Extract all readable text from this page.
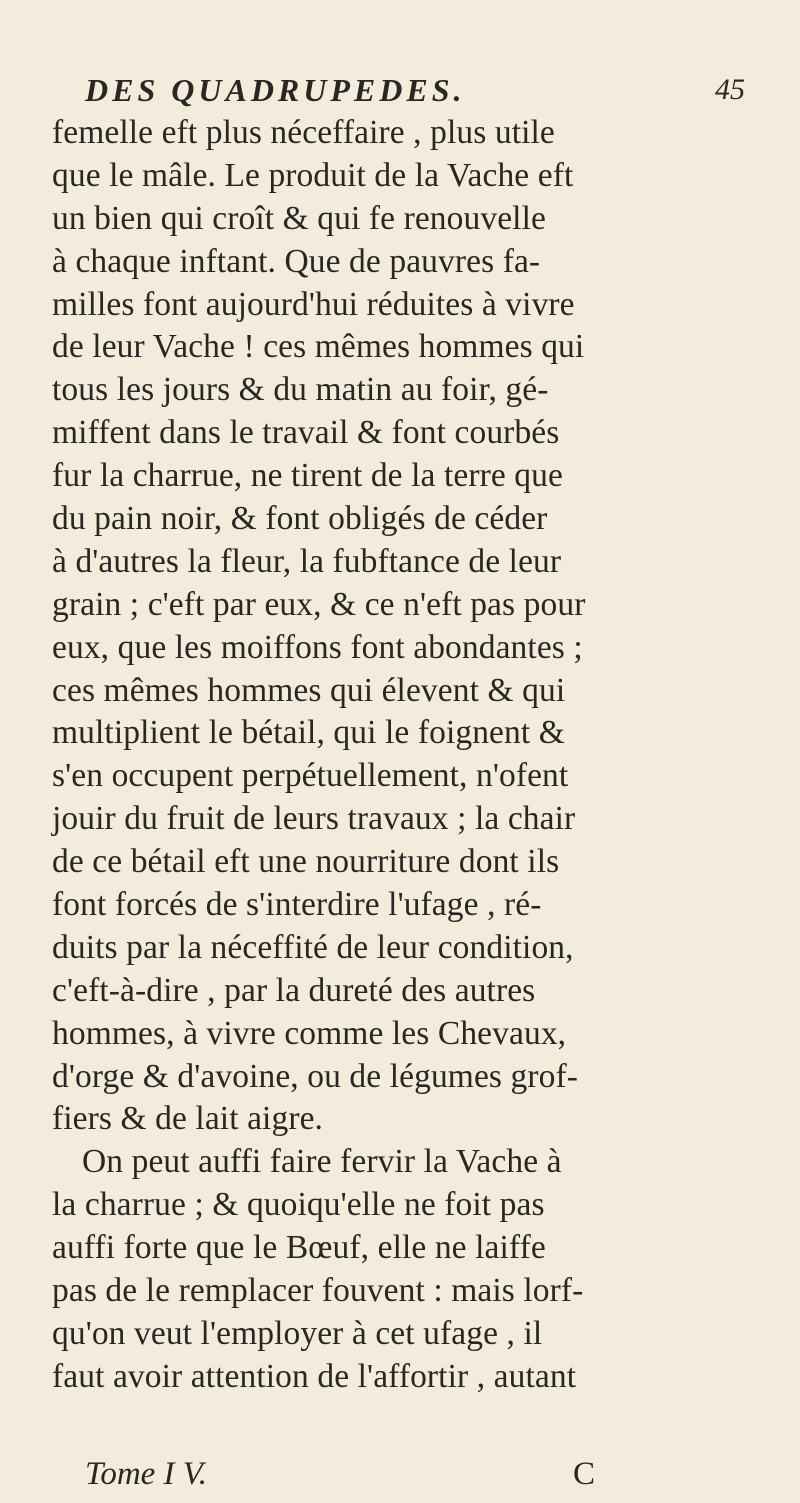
DES QUADRUPEDES.	45
femelle eft plus néceffaire , plus utile
que le mâle. Le produit de la Vache eft
un bien qui croît & qui fe renouvelle
à chaque inftant. Que de pauvres fa-
milles font aujourd'hui réduites à vivre
de leur Vache ! ces mêmes hommes qui
tous les jours & du matin au foir, gé-
miffent dans le travail & font courbés
fur la charrue, ne tirent de la terre que
du pain noir, & font obligés de céder
à d'autres la fleur, la fubftance de leur
grain ; c'eft par eux, & ce n'eft pas pour
eux, que les moiffons font abondantes ;
ces mêmes hommes qui élevent & qui
multiplient le bétail, qui le foignent &
s'en occupent perpétuellement, n'ofent
jouir du fruit de leurs travaux ; la chair
de ce bétail eft une nourriture dont ils
font forcés de s'interdire l'ufage , ré-
duits par la néceffité de leur condition,
c'eft-à-dire , par la dureté des autres
hommes, à vivre comme les Chevaux,
d'orge & d'avoine, ou de légumes grof-
fiers & de lait aigre.
On peut auffi faire fervir la Vache à
la charrue ; & quoiqu'elle ne foit pas
auffi forte que le Bœuf, elle ne laiffe
pas de le remplacer fouvent : mais lorf-
qu'on veut l'employer à cet ufage , il
faut avoir attention de l'affortir , autant
Tome I V.	C
